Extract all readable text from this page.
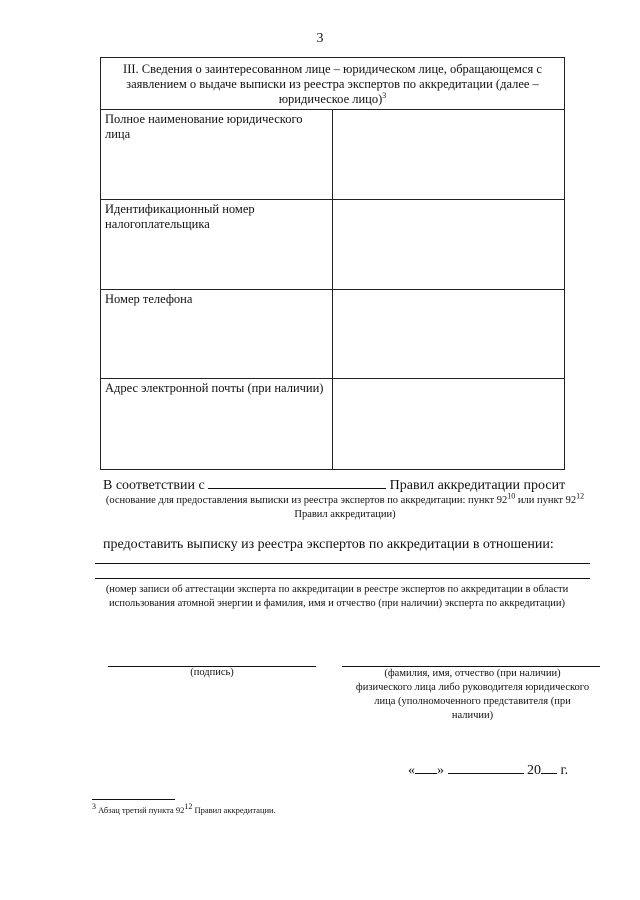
3
III. Сведения о заинтересованном лице – юридическом лице, обращающемся с заявлением о выдаче выписки из реестра экспертов по аккредитации (далее – юридическое лицо)$^3$
Полное наименование юридического лица	
Идентификационный номер налогоплательщика	
Номер телефона	
Адрес электронной почты (при наличии)	
В соответствии с	Правил аккредитации просит
(основание для предоставления выписки из реестра экспертов по аккредитации: пункт $92^{10}$ или пункт $92^{12}$ Правил аккредитации)
предоставить выписку из реестра экспертов по аккредитации в отношении:
(номер записи об аттестации эксперта по аккредитации в реестре экспертов по аккредитации в области использования атомной энергии и фамилия, имя и отчество (при наличии) эксперта по аккредитации)
(подпись)	(фамилия, имя, отчество (при наличии) физического лица либо руководителя юридического лица (уполномоченного представителя (при наличии)
« »	20 г.
$^3$ Абзац третий пункта $92^{12}$ Правил аккредитации.
